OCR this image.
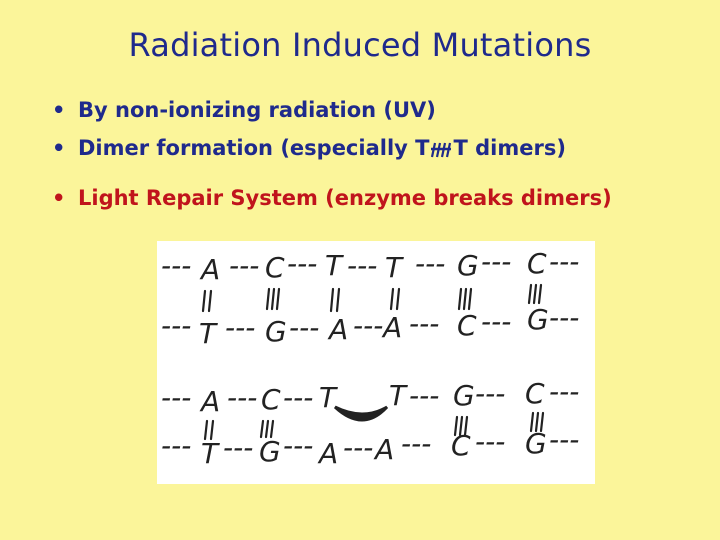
Radiation Induced Mutations
• By non-ionizing radiation (UV)
• Dimer formation (especially T T dimers)
• Light Repair System (enzyme breaks dimers)
--- A --- C --- T --- T --- G --- C ---
--- T --- G --- A --- A --- C --- G ---
--- A --- C --- T T --- G --- C ---
--- T --- G --- A --- A --- C --- G ---
